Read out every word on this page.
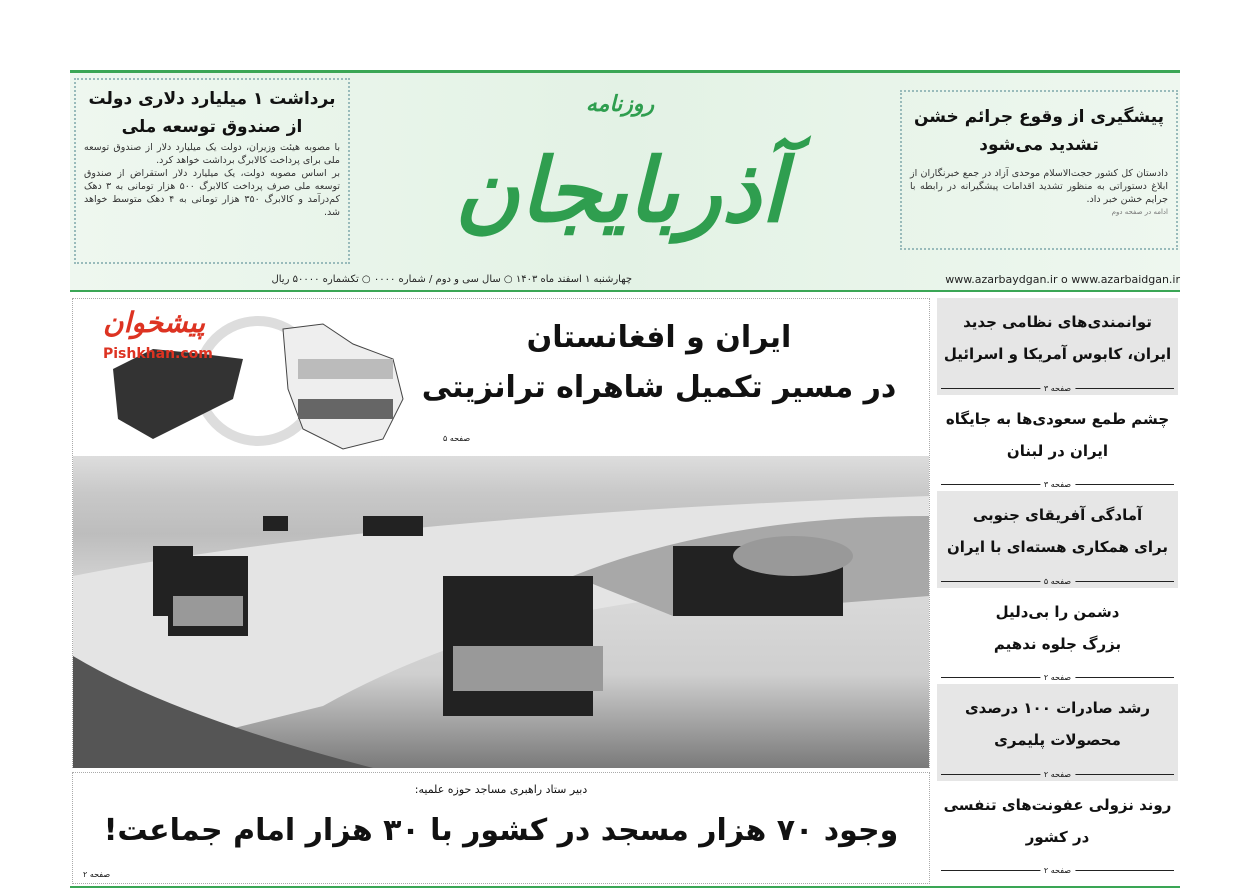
برداشت ۱ میلیارد دلاری دولت
از صندوق توسعه ملی

با مصوبه هیئت وزیران، دولت یک میلیارد دلار از صندوق توسعه ملی برای پرداخت کالابرگ برداشت خواهد کرد.

بر اساس مصوبه دولت، یک میلیارد دلار استقراض از صندوق توسعه ملی صرف پرداخت کالابرگ ۵۰۰ هزار تومانی به ۳ دهک کم‌درآمد و کالابرگ ۳۵۰ هزار تومانی به ۴ دهک متوسط خواهد شد.

پیشگیری از وقوع جرائم خشن
تشدید می‌شود

دادستان کل کشور حجت‌الاسلام موحدی آزاد در جمع خبرنگاران از ابلاغ دستوراتی به منظور تشدید اقدامات پیشگیرانه در رابطه با جرایم خشن خبر داد.

ادامه در صفحه دوم

روزنامه
آذربایجان
چهارشنبه ۱ اسفند ماه ۱۴۰۳ ○ سال سی و دوم / شماره ۰۰۰۰ ○ تکشماره ۵۰۰۰۰ ریال	www.azarbaydgan.ir o www.azarbaidgan.ir
پیشخوان
Pishkhan.com	ایران و افغانستان
در مسیر تکمیل شاهراه ترانزیتی
صفحه ۵
دبیر ستاد راهبری مساجد حوزه علمیه:
وجود ۷۰ هزار مسجد در کشور با ۳۰ هزار امام جماعت!
صفحه ۲
توانمندی‌های نظامی جدید
ایران، کابوس آمریکا و اسرائیل
صفحه ۳
چشم طمع سعودی‌ها به جایگاه
ایران در لبنان
صفحه ۳
آمادگی آفریقای جنوبی
برای همکاری هسته‌ای با ایران
صفحه ۵
دشمن را بی‌دلیل
بزرگ جلوه ندهیم
صفحه ۲
رشد صادرات ۱۰۰ درصدی
محصولات پلیمری
صفحه ۲
روند نزولی عفونت‌های تنفسی
در کشور
صفحه ۲
